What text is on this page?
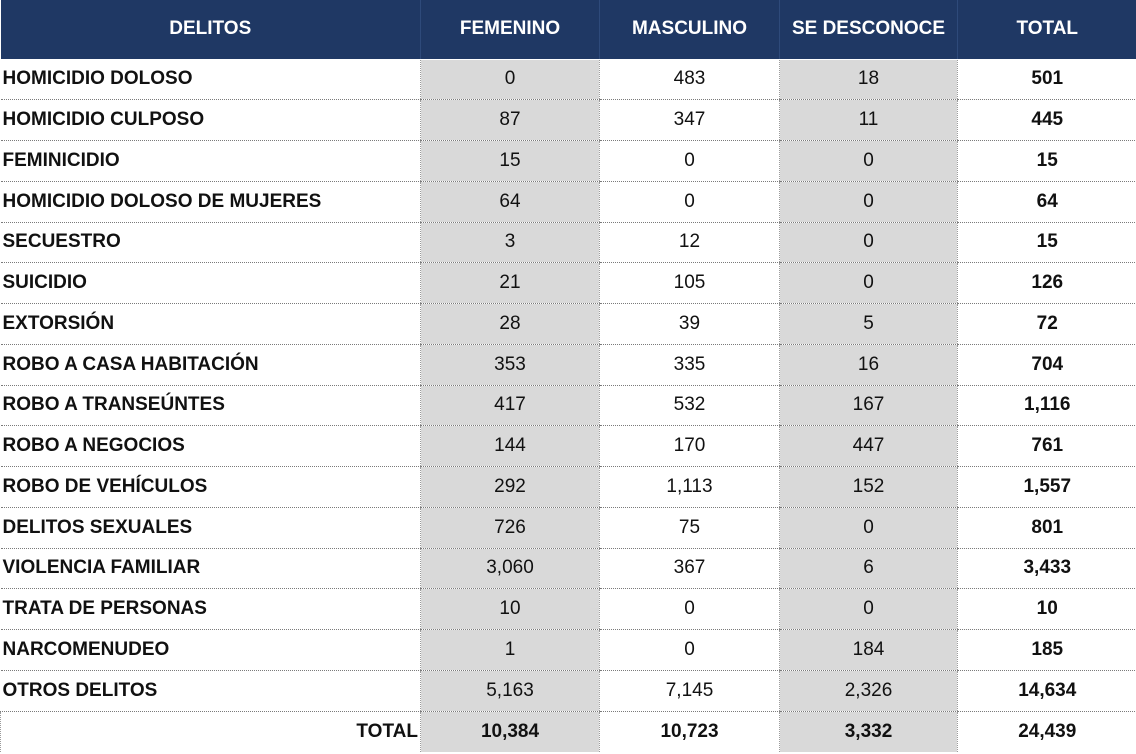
DELITOS	FEMENINO	MASCULINO	SE DESCONOCE	TOTAL
HOMICIDIO DOLOSO	0	483	18	501
HOMICIDIO CULPOSO	87	347	11	445
FEMINICIDIO	15	0	0	15
HOMICIDIO DOLOSO DE MUJERES	64	0	0	64
SECUESTRO	3	12	0	15
SUICIDIO	21	105	0	126
EXTORSIÓN	28	39	5	72
ROBO A CASA HABITACIÓN	353	335	16	704
ROBO A TRANSEÚNTES	417	532	167	1,116
ROBO A NEGOCIOS	144	170	447	761
ROBO DE VEHÍCULOS	292	1,113	152	1,557
DELITOS SEXUALES	726	75	0	801
VIOLENCIA FAMILIAR	3,060	367	6	3,433
TRATA DE PERSONAS	10	0	0	10
NARCOMENUDEO	1	0	184	185
OTROS DELITOS	5,163	7,145	2,326	14,634
TOTAL	10,384	10,723	3,332	24,439
